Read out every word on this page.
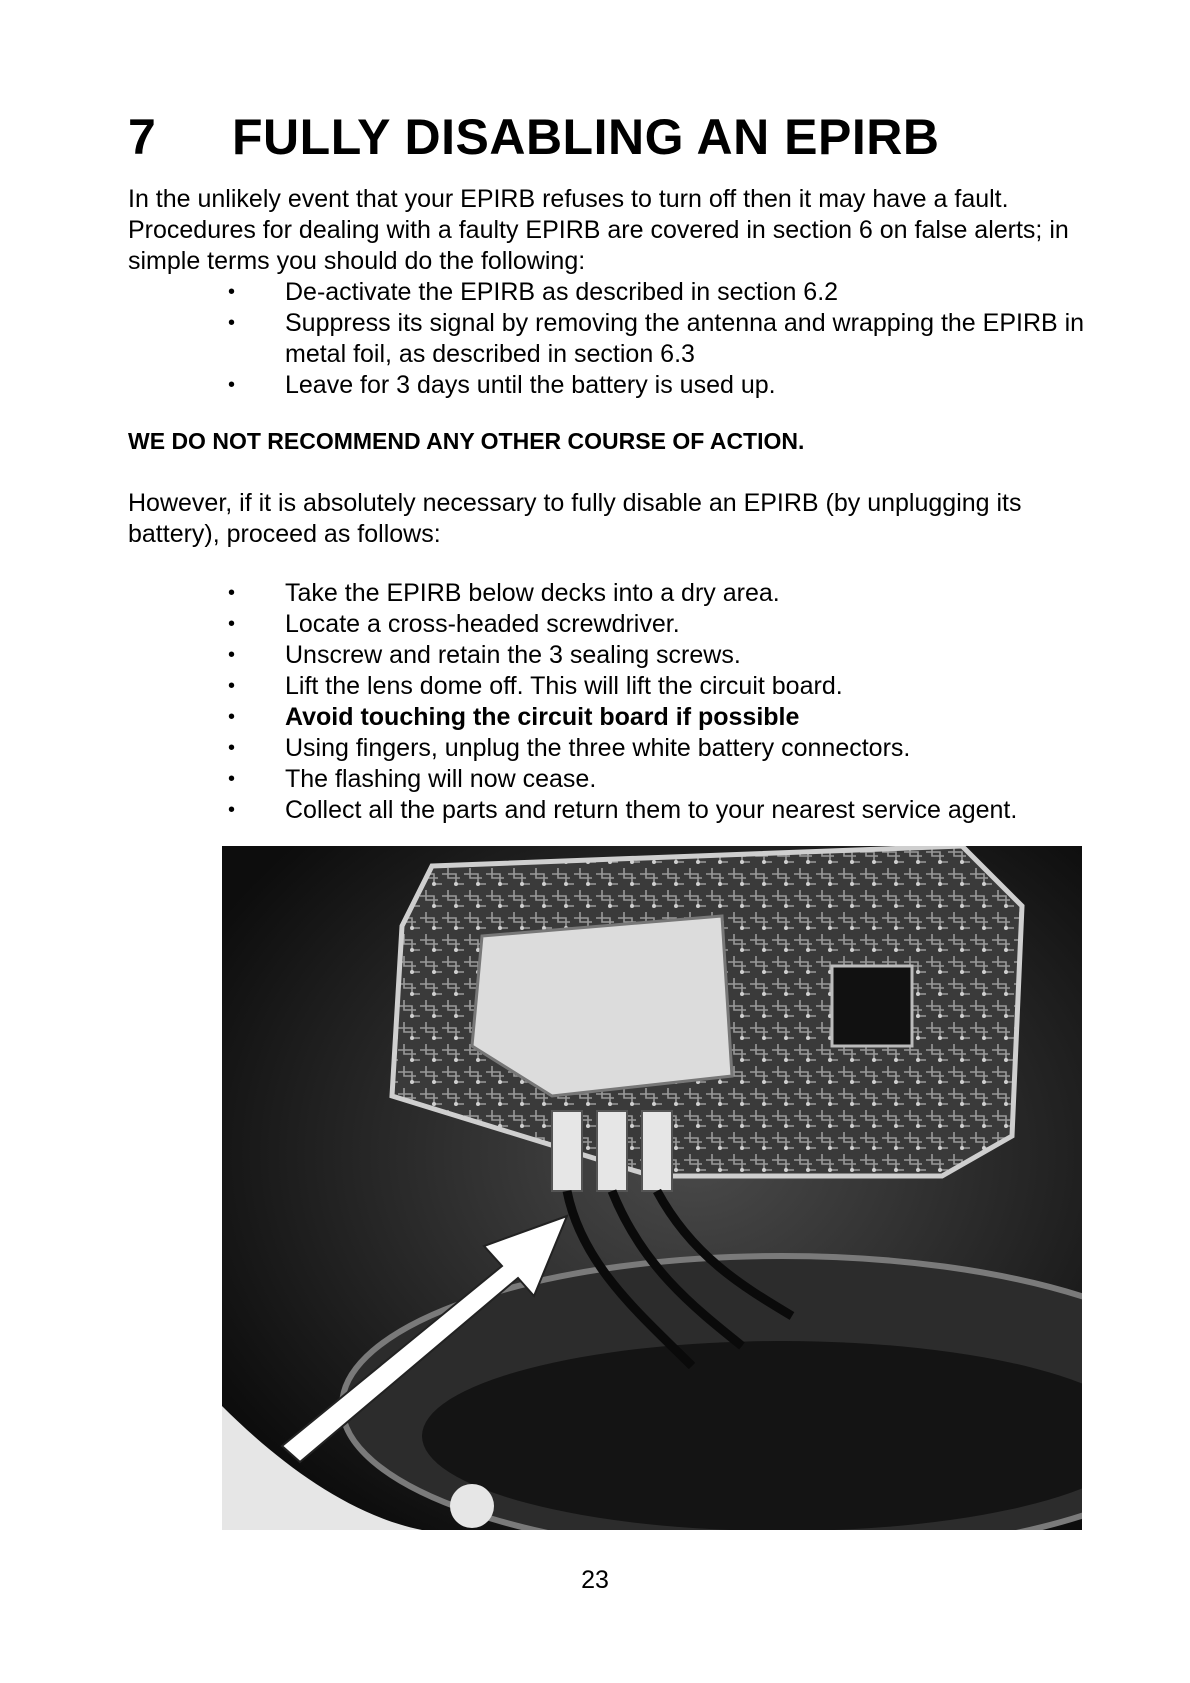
7 FULLY DISABLING AN EPIRB

In the unlikely event that your EPIRB refuses to turn off then it may have a fault. Procedures for dealing with a faulty EPIRB are covered in section 6 on false alerts; in simple terms you should do the following:

•	De-activate the EPIRB as described in section 6.2
•	Suppress its signal by removing the antenna and wrapping the EPIRB in metal foil, as described in section 6.3
•	Leave for 3 days until the battery is used up.

WE DO NOT RECOMMEND ANY OTHER COURSE OF ACTION.

However, if it is absolutely necessary to fully disable an EPIRB (by unplugging its battery), proceed as follows:

•	Take the EPIRB below decks into a dry area.
•	Locate a cross-headed screwdriver.
•	Unscrew and retain the 3 sealing screws.
•	Lift the lens dome off. This will lift the circuit board.
•	Avoid touching the circuit board if possible
•	Using fingers, unplug the three white battery connectors.
•	The flashing will now cease.
•	Collect all the parts and return them to your nearest service agent.
23
